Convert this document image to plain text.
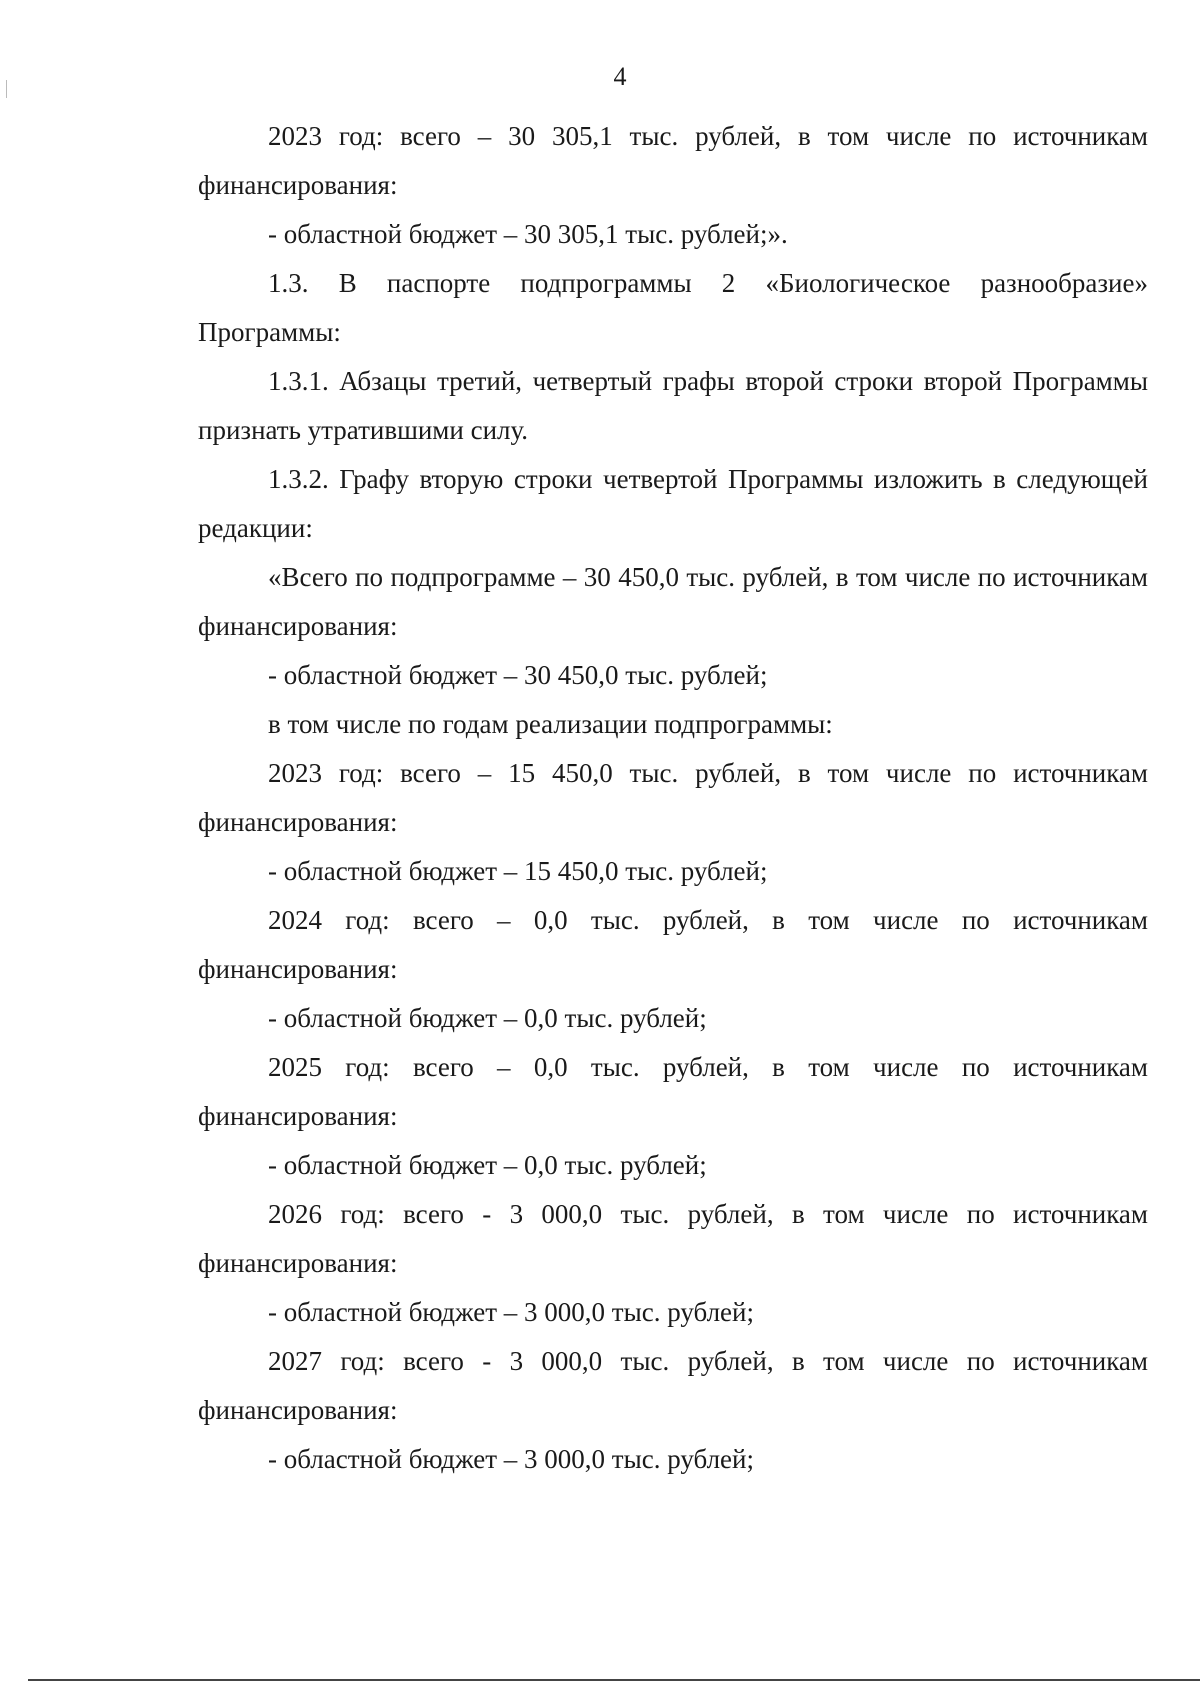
4

2023 год: всего – 30 305,1 тыс. рублей, в том числе по источникам финансирования:

- областной бюджет – 30 305,1 тыс. рублей;».

1.3. В паспорте подпрограммы 2 «Биологическое разнообразие» Программы:

1.3.1. Абзацы третий, четвертый графы второй строки второй Программы признать утратившими силу.

1.3.2. Графу вторую строки четвертой Программы изложить в следующей редакции:

«Всего по подпрограмме – 30 450,0 тыс. рублей, в том числе по источникам финансирования:

- областной бюджет – 30 450,0 тыс. рублей;

в том числе по годам реализации подпрограммы:

2023 год: всего – 15 450,0 тыс. рублей, в том числе по источникам финансирования:

- областной бюджет – 15 450,0 тыс. рублей;

2024 год: всего – 0,0 тыс. рублей, в том числе по источникам финансирования:

- областной бюджет – 0,0 тыс. рублей;

2025 год: всего – 0,0 тыс. рублей, в том числе по источникам финансирования:

- областной бюджет – 0,0 тыс. рублей;

2026 год: всего - 3 000,0 тыс. рублей, в том числе по источникам финансирования:

- областной бюджет – 3 000,0 тыс. рублей;

2027 год: всего - 3 000,0 тыс. рублей, в том числе по источникам финансирования:

- областной бюджет – 3 000,0 тыс. рублей;
